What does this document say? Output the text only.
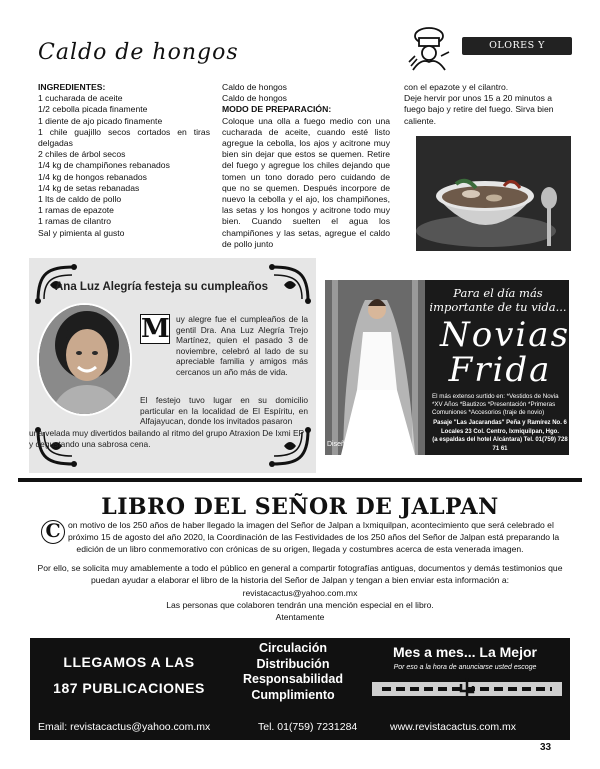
Caldo de hongos	OLORES Y SABORES

INGREDIENTES:

1 cucharada de aceite

1/2 cebolla picada finamente

1 diente de ajo picado finamente

1 chile guajillo secos cortados en tiras delgadas

2 chiles de árbol secos

1/4 kg de champiñones rebanados

1/4 kg de hongos rebanados

1/4 kg de setas rebanadas

1 lts de caldo de pollo

1 ramas de epazote

1 ramas de cilantro

Sal y pimienta al gusto

Caldo de hongos

Caldo de hongos

MODO DE PREPARACIÓN:

Coloque una olla a fuego medio con una cucharada de aceite, cuando esté listo agregue la cebolla, los ajos y acitrone muy bien sin dejar que estos se quemen. Retire del fuego y agregue los chiles dejando que tomen un tono dorado pero cuidando de que no se quemen. Después incorpore de nuevo la cebolla y el ajo, los champiñones, las setas y los hongos y acitrone todo muy bien. Cuando suelten el agua los champiñones y las setas, agregue el caldo de pollo junto

con el epazote y el cilantro.

Deje hervir por unos 15 a 20 minutos a fuego bajo y retire del fuego. Sirva bien caliente.

Ana Luz Alegría festeja su cumpleaños
M uy alegre fue el cumpleaños de la gentil Dra. Ana Luz Alegría Trejo Martínez, quien el pasado 3 de noviembre, celebró al lado de su apreciable familia y amigos más cercanos un año más de vida.
El festejo tuvo lugar en su domicilio particular en la localidad de El Espíritu, en Alfajayucan, donde los invitados pasaron
una velada muy divertidos bailando al ritmo del grupo Atraxion De Ixmi EP y degustando una sabrosa cena.	Diseños a tu medida
Para el día más importante de tu vida...
Novias
Frida
El más extenso surtido en: *Vestidos de Novia *XV Años *Bautizos *Presentación *Primeras Comuniones *Accesorios (traje de novio)
Pasaje "Las Jacarandas" Peña y Ramírez No. 6
Locales 23 Col. Centro, Ixmiquilpan, Hgo.
(a espaldas del hotel Alcántara) Tel. 01(759) 728 71 61
LIBRO DEL SEÑOR DE JALPAN
C on motivo de los 250 años de haber llegado la imagen del Señor de Jalpan a Ixmiquilpan, acontecimiento que será celebrado el
próximo 15 de agosto del año 2020, la Coordinación de las Festividades de los 250 años del Señor de Jalpan está preparando la
edición de un libro conmemorativo con crónicas de su origen, llegada y costumbres acerca de esta venerada imagen.
Por ello, se solicita muy amablemente a todo el público en general a compartir fotografías antiguas, documentos y demás testimonios que
puedan ayudar a elaborar el libro de la historia del Señor de Jalpan y tengan a bien enviar esta información a:
revistacactus@yahoo.com.mx
Las personas que colaboren tendrán una mención especial en el libro.
Atentamente
LLEGAMOS A LAS
187 PUBLICACIONES
Circulación
Distribución
Responsabilidad
Cumplimiento
Mes a mes... La Mejor
Por eso a la hora de anunciarse usted escoge
Email: revistacactus@yahoo.com.mx	Tel. 01(759) 7231284	www.revistacactus.com.mx
33
